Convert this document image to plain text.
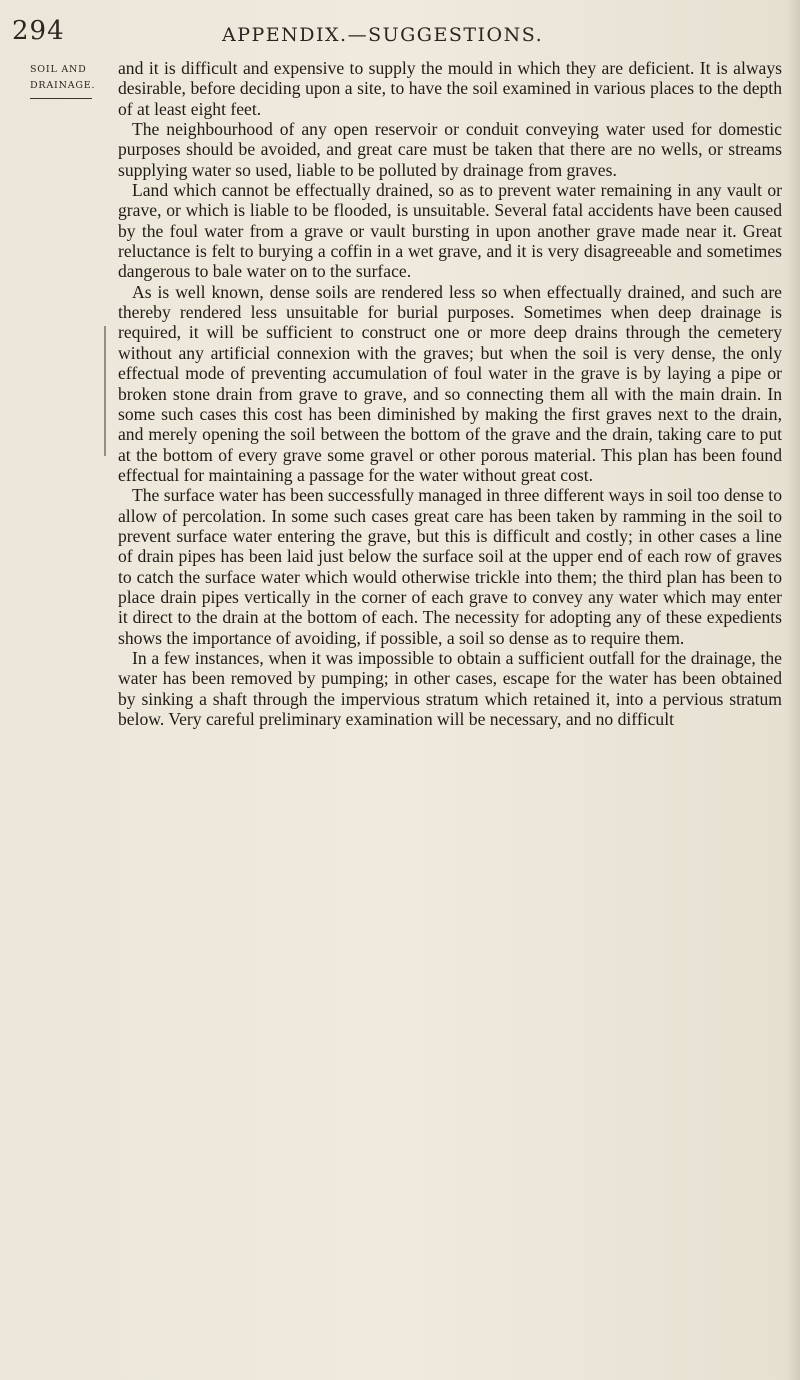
294	APPENDIX.—SUGGESTIONS.
SOIL AND
DRAINAGE.

and it is difficult and expensive to supply the mould in which they are deficient. It is always desirable, before deciding upon a site, to have the soil examined in various places to the depth of at least eight feet.

The neighbourhood of any open reservoir or conduit conveying water used for domestic purposes should be avoided, and great care must be taken that there are no wells, or streams supplying water so used, liable to be polluted by drainage from graves.

Land which cannot be effectually drained, so as to prevent water remaining in any vault or grave, or which is liable to be flooded, is unsuitable. Several fatal accidents have been caused by the foul water from a grave or vault bursting in upon another grave made near it. Great reluctance is felt to burying a coffin in a wet grave, and it is very disagreeable and sometimes dangerous to bale water on to the surface.

As is well known, dense soils are rendered less so when effectually drained, and such are thereby rendered less unsuitable for burial purposes. Sometimes when deep drainage is required, it will be sufficient to construct one or more deep drains through the cemetery without any artificial connexion with the graves; but when the soil is very dense, the only effectual mode of preventing accumulation of foul water in the grave is by laying a pipe or broken stone drain from grave to grave, and so connecting them all with the main drain. In some such cases this cost has been diminished by making the first graves next to the drain, and merely opening the soil between the bottom of the grave and the drain, taking care to put at the bottom of every grave some gravel or other porous material. This plan has been found effectual for maintaining a passage for the water without great cost.

The surface water has been successfully managed in three different ways in soil too dense to allow of percolation. In some such cases great care has been taken by ramming in the soil to prevent surface water entering the grave, but this is difficult and costly; in other cases a line of drain pipes has been laid just below the surface soil at the upper end of each row of graves to catch the surface water which would otherwise trickle into them; the third plan has been to place drain pipes vertically in the corner of each grave to convey any water which may enter it direct to the drain at the bottom of each. The necessity for adopting any of these expedients shows the importance of avoiding, if possible, a soil so dense as to require them.

In a few instances, when it was impossible to obtain a sufficient outfall for the drainage, the water has been removed by pumping; in other cases, escape for the water has been obtained by sinking a shaft through the impervious stratum which retained it, into a pervious stratum below. Very careful preliminary examination will be necessary, and no difficult
